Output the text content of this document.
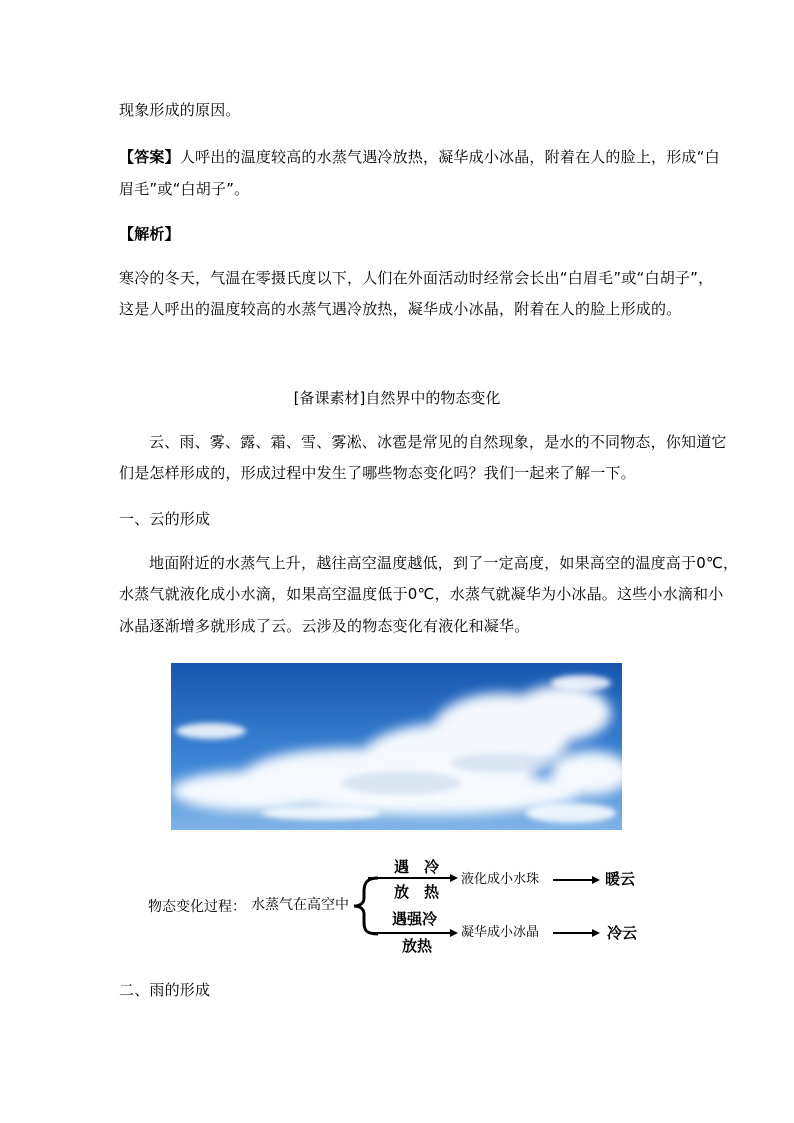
现象形成的原因。
【答案】人呼出的温度较高的水蒸气遇冷放热，凝华成小冰晶，附着在人的脸上，形成“白
眉毛”或“白胡子”。
【解析】
寒冷的冬天，气温在零摄氏度以下，人们在外面活动时经常会长出“白眉毛”或“白胡子”，
这是人呼出的温度较高的水蒸气遇冷放热，凝华成小冰晶，附着在人的脸上形成的。
[备课素材]自然界中的物态变化
云、雨、雾、露、霜、雪、雾凇、冰雹是常见的自然现象，是水的不同物态，你知道它
们是怎样形成的，形成过程中发生了哪些物态变化吗？我们一起来了解一下。
一、云的形成
地面附近的水蒸气上升，越往高空温度越低，到了一定高度，如果高空的温度高于0℃，
水蒸气就液化成小水滴，如果高空温度低于0℃，水蒸气就凝华为小冰晶。这些小水滴和小
冰晶逐渐增多就形成了云。云涉及的物态变化有液化和凝华。
物态变化过程： 水蒸气在高空中
遇　冷
放　热
液化成小水珠	暖云
遇强冷
放热
凝华成小冰晶	冷云
二、雨的形成
